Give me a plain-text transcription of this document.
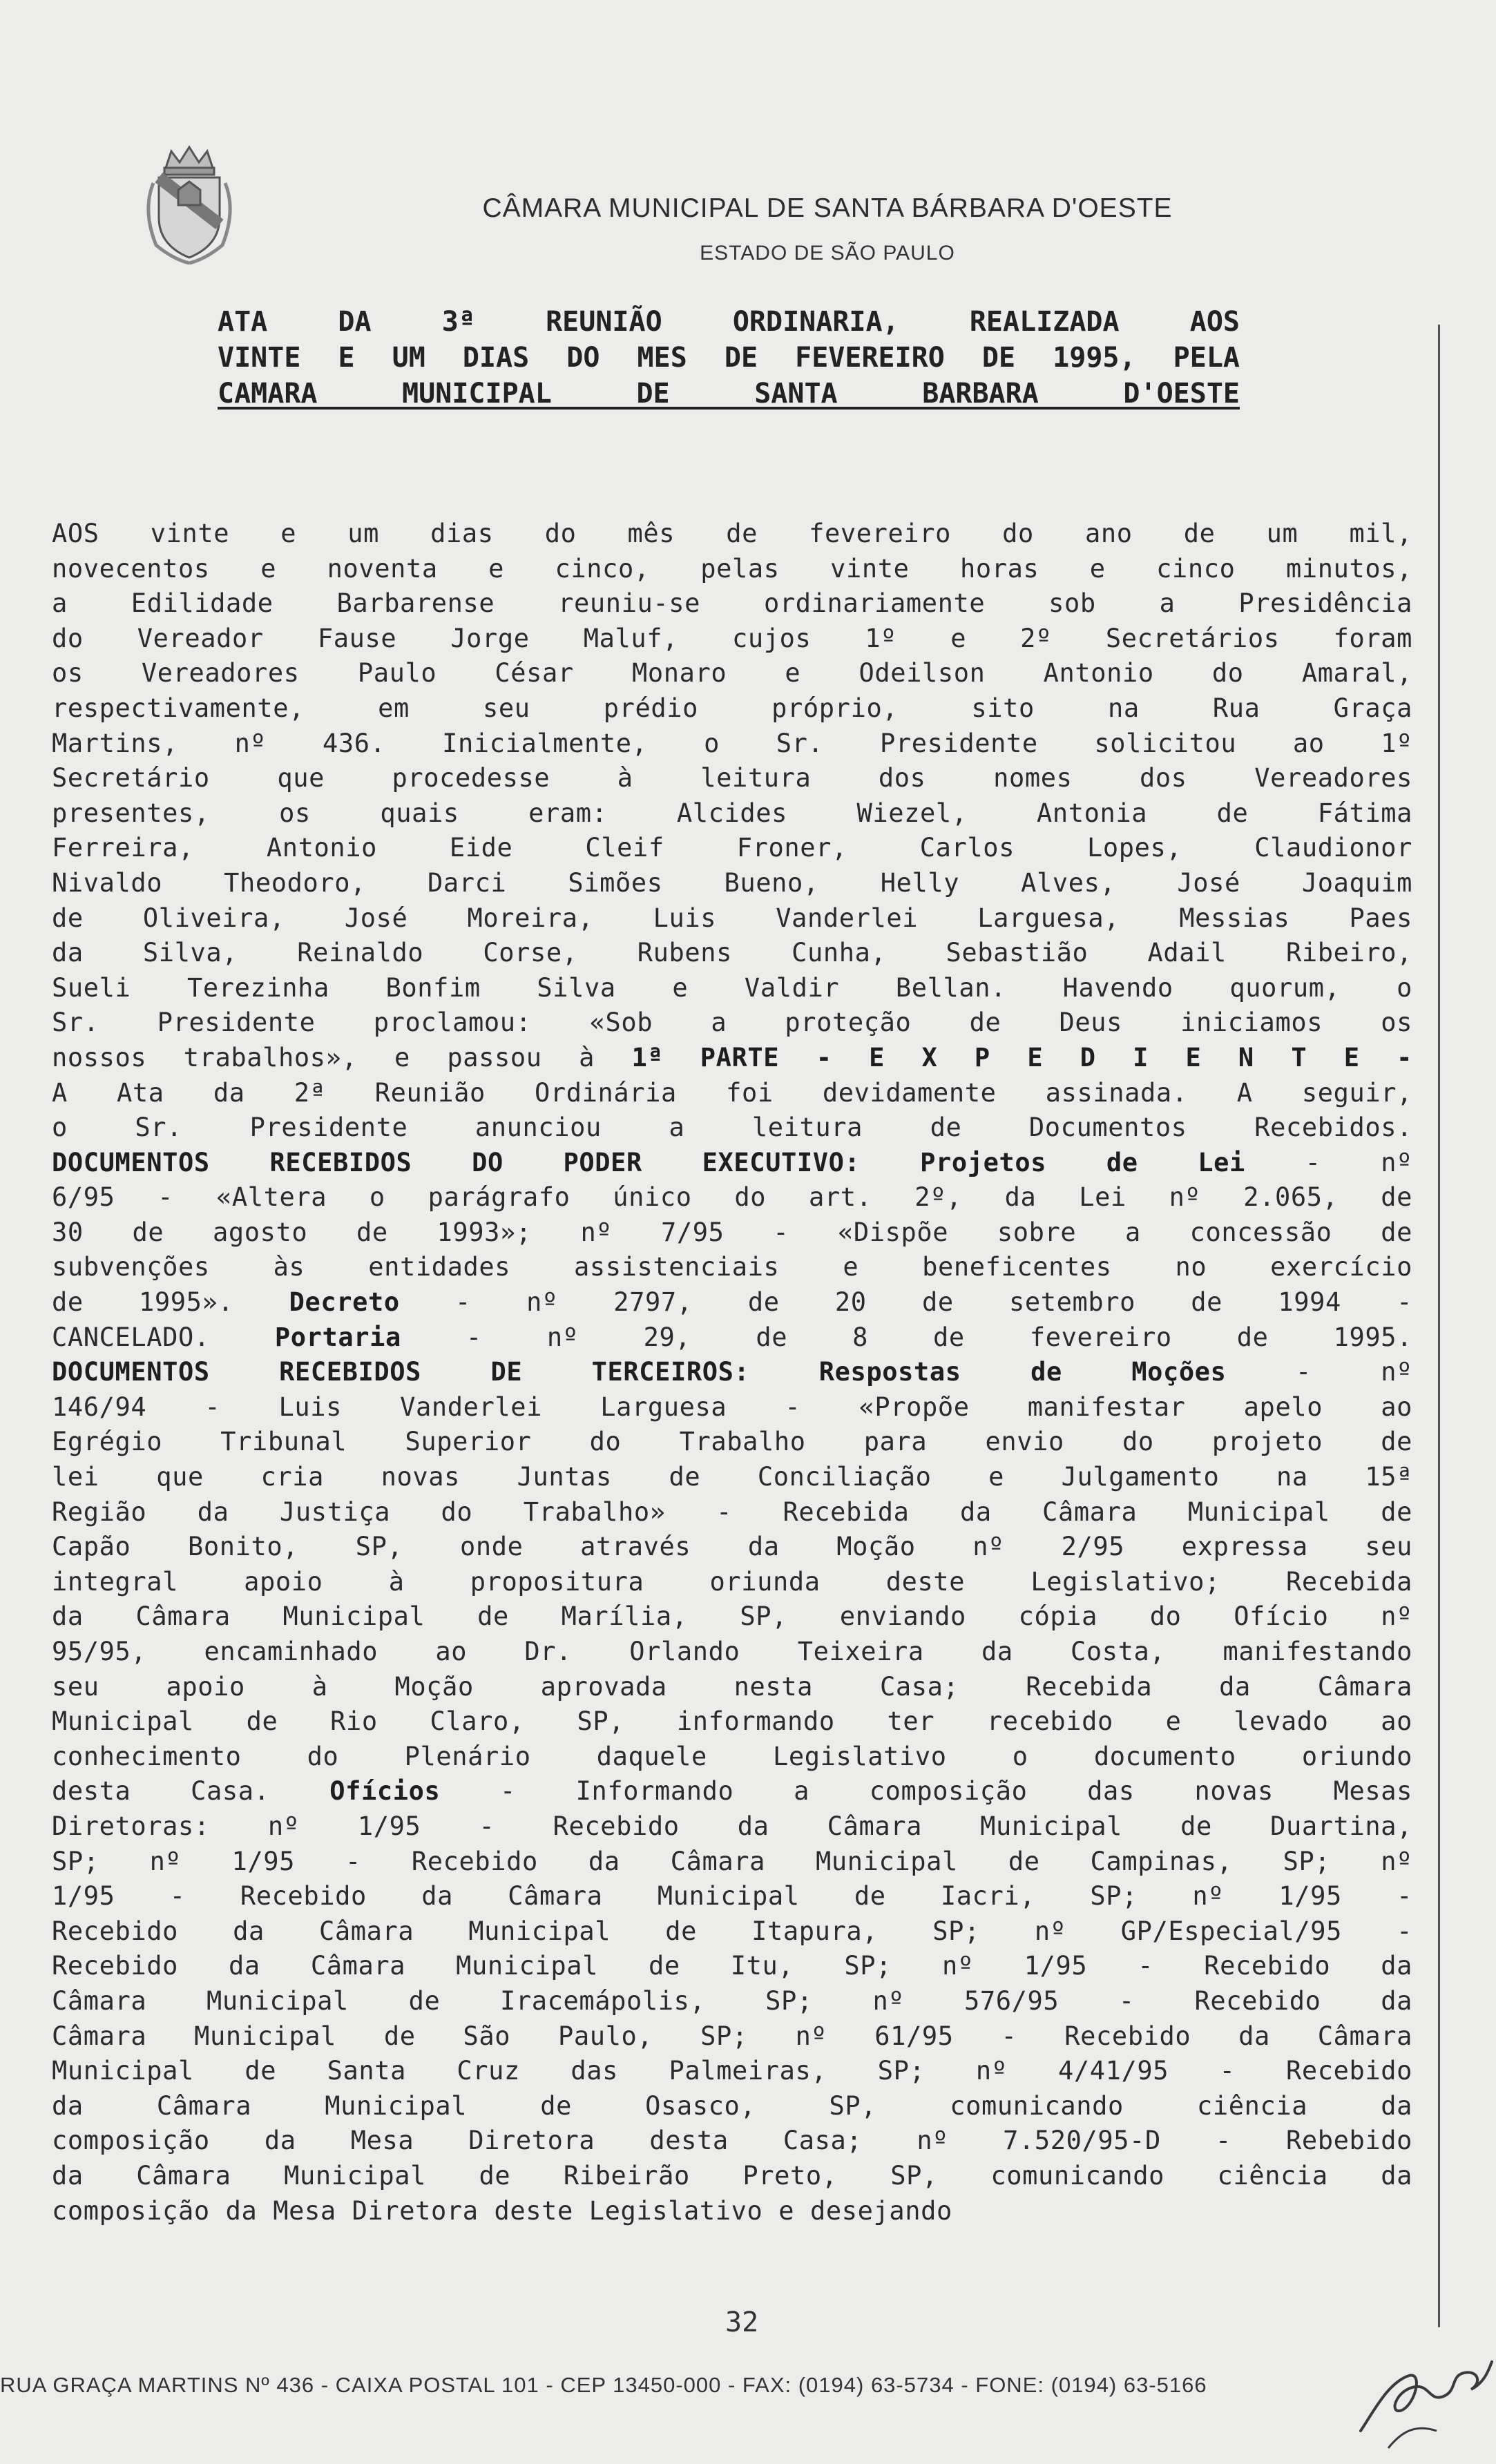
CÂMARA MUNICIPAL DE SANTA BÁRBARA D'OESTE
ESTADO DE SÃO PAULO
ATA DA 3ª REUNIÃO ORDINARIA, REALIZADA AOS
VINTE E UM DIAS DO MES DE FEVEREIRO DE 1995, PELA
CAMARA MUNICIPAL DE SANTA BARBARA D'OESTE
AOS vinte e um dias do mês de fevereiro do ano de um mil,
novecentos e noventa e cinco, pelas vinte horas e cinco minutos,
a Edilidade Barbarense reuniu-se ordinariamente sob a Presidência
do Vereador Fause Jorge Maluf, cujos 1º e 2º Secretários foram
os Vereadores Paulo César Monaro e Odeilson Antonio do Amaral,
respectivamente, em seu prédio próprio, sito na Rua Graça
Martins, nº 436. Inicialmente, o Sr. Presidente solicitou ao 1º
Secretário que procedesse à leitura dos nomes dos Vereadores
presentes, os quais eram: Alcides Wiezel, Antonia de Fátima
Ferreira, Antonio Eide Cleif Froner, Carlos Lopes, Claudionor
Nivaldo Theodoro, Darci Simões Bueno, Helly Alves, José Joaquim
de Oliveira, José Moreira, Luis Vanderlei Larguesa, Messias Paes
da Silva, Reinaldo Corse, Rubens Cunha, Sebastião Adail Ribeiro,
Sueli Terezinha Bonfim Silva e Valdir Bellan. Havendo quorum, o
Sr. Presidente proclamou: «Sob a proteção de Deus iniciamos os
nossos trabalhos», e passou à 1ª PARTE - E X P E D I E N T E -
A Ata da 2ª Reunião Ordinária foi devidamente assinada. A seguir,
o Sr. Presidente anunciou a leitura de Documentos Recebidos.
DOCUMENTOS RECEBIDOS DO PODER EXECUTIVO: Projetos de Lei - nº
6/95 - «Altera o parágrafo único do art. 2º, da Lei nº 2.065, de
30 de agosto de 1993»; nº 7/95 - «Dispõe sobre a concessão de
subvenções às entidades assistenciais e beneficentes no exercício
de 1995». Decreto - nº 2797, de 20 de setembro de 1994 -
CANCELADO. Portaria - nº 29, de 8 de fevereiro de 1995.
DOCUMENTOS RECEBIDOS DE TERCEIROS: Respostas de Moções - nº
146/94 - Luis Vanderlei Larguesa - «Propõe manifestar apelo ao
Egrégio Tribunal Superior do Trabalho para envio do projeto de
lei que cria novas Juntas de Conciliação e Julgamento na 15ª
Região da Justiça do Trabalho» - Recebida da Câmara Municipal de
Capão Bonito, SP, onde através da Moção nº 2/95 expressa seu
integral apoio à propositura oriunda deste Legislativo; Recebida
da Câmara Municipal de Marília, SP, enviando cópia do Ofício nº
95/95, encaminhado ao Dr. Orlando Teixeira da Costa, manifestando
seu apoio à Moção aprovada nesta Casa; Recebida da Câmara
Municipal de Rio Claro, SP, informando ter recebido e levado ao
conhecimento do Plenário daquele Legislativo o documento oriundo
desta Casa. Ofícios - Informando a composição das novas Mesas
Diretoras: nº 1/95 - Recebido da Câmara Municipal de Duartina,
SP; nº 1/95 - Recebido da Câmara Municipal de Campinas, SP; nº
1/95 - Recebido da Câmara Municipal de Iacri, SP; nº 1/95 -
Recebido da Câmara Municipal de Itapura, SP; nº GP/Especial/95 -
Recebido da Câmara Municipal de Itu, SP; nº 1/95 - Recebido da
Câmara Municipal de Iracemápolis, SP; nº 576/95 - Recebido da
Câmara Municipal de São Paulo, SP; nº 61/95 - Recebido da Câmara
Municipal de Santa Cruz das Palmeiras, SP; nº 4/41/95 - Recebido
da Câmara Municipal de Osasco, SP, comunicando ciência da
composição da Mesa Diretora desta Casa; nº 7.520/95-D - Rebebido
da Câmara Municipal de Ribeirão Preto, SP, comunicando ciência da
composição da Mesa Diretora deste Legislativo e desejando
32
RUA GRAÇA MARTINS Nº 436 - CAIXA POSTAL 101 - CEP 13450-000 - FAX: (0194) 63-5734 - FONE: (0194) 63-5166
